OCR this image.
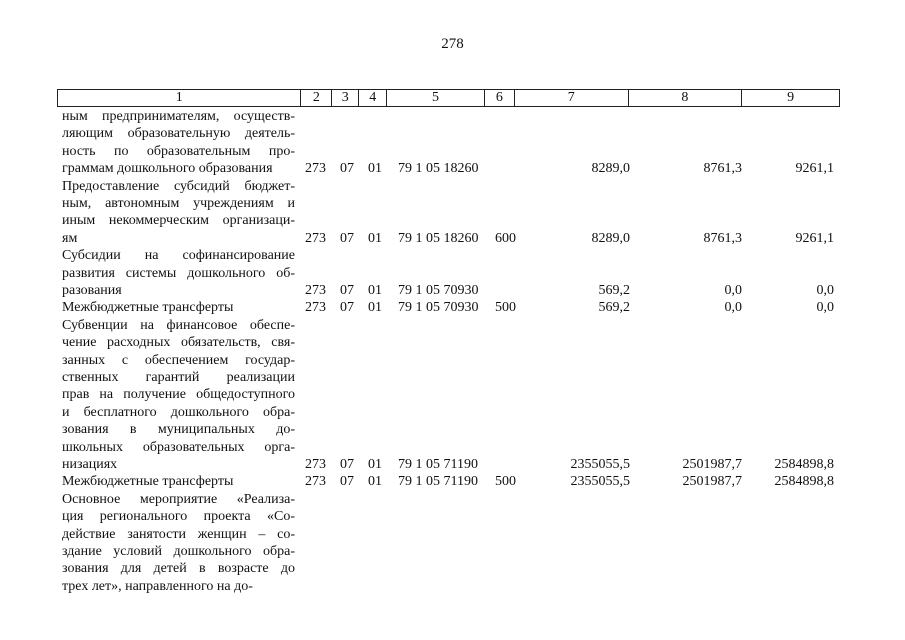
278
1	2	3	4	5	6	7	8	9
ным предпринимателям, осуществ-
ляющим образовательную деятель-
ность по образовательным про-
граммам дошкольного образования	273 07 01 79 1 05 18260	8289,0	8761,3	9261,1
Предоставление субсидий бюджет-
ным, автономным учреждениям и
иным некоммерческим организаци-
ям	273 07 01 79 1 05 18260 600	8289,0	8761,3	9261,1
Субсидии на софинансирование
развития системы дошкольного об-
разования	273 07 01 79 1 05 70930	569,2	0,0	0,0
Межбюджетные трансферты	273 07 01 79 1 05 70930 500	569,2	0,0	0,0
Субвенции на финансовое обеспе-
чение расходных обязательств, свя-
занных с обеспечением государ-
ственных гарантий реализации
прав на получение общедоступного
и бесплатного дошкольного обра-
зования в муниципальных до-
школьных образовательных орга-
низациях	273 07 01 79 1 05 71190	2355055,5	2501987,7 2584898,8
Межбюджетные трансферты	273 07 01 79 1 05 71190 500	2355055,5	2501987,7 2584898,8
Основное мероприятие «Реализа-
ция регионального проекта «Со-
действие занятости женщин – со-
здание условий дошкольного обра-
зования для детей в возрасте до
трех лет», направленного на до-
